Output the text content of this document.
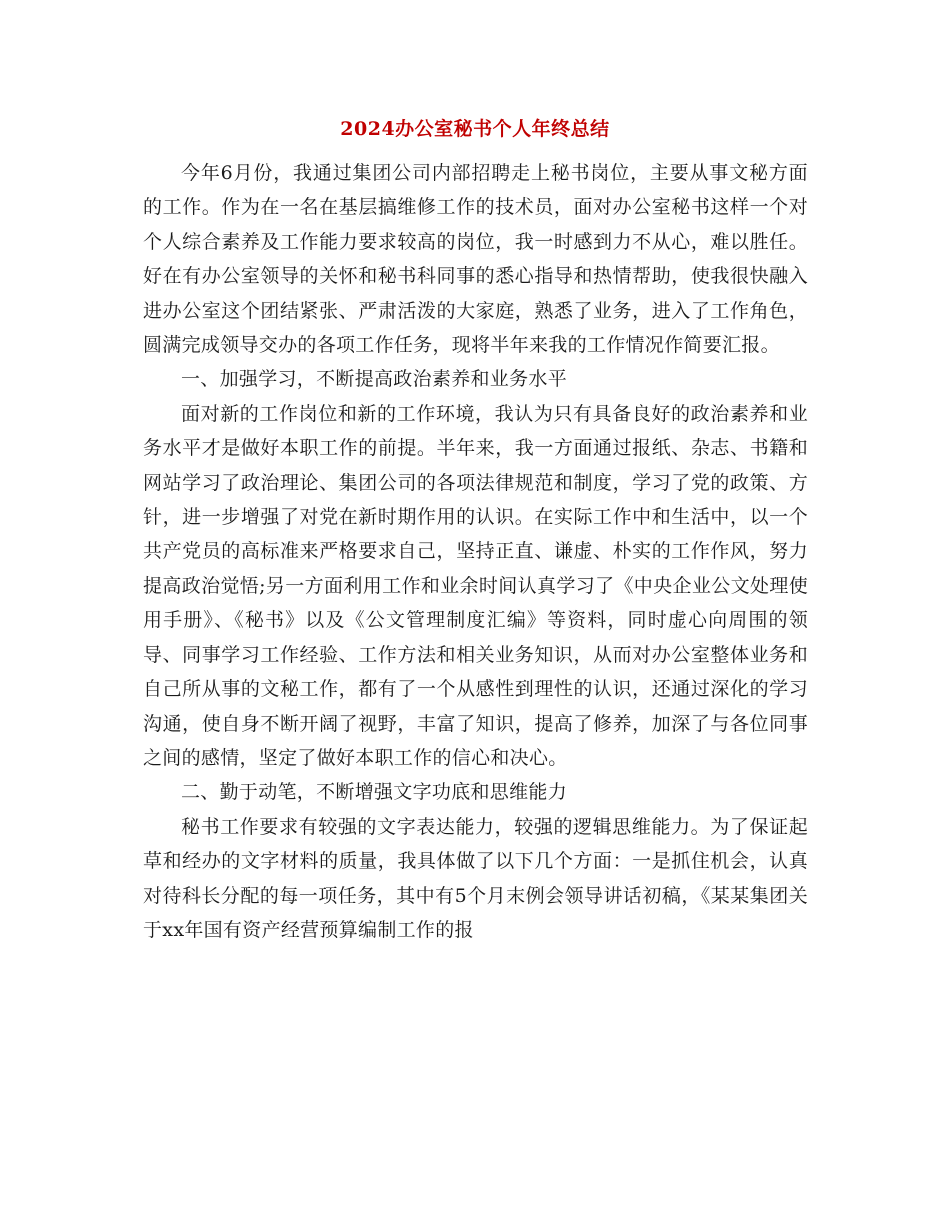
2024办公室秘书个人年终总结

今年6月份，我通过集团公司内部招聘走上秘书岗位，主要从事文秘方面的工作。作为在一名在基层搞维修工作的技术员，面对办公室秘书这样一个对个人综合素养及工作能力要求较高的岗位，我一时感到力不从心，难以胜任。好在有办公室领导的关怀和秘书科同事的悉心指导和热情帮助，使我很快融入进办公室这个团结紧张、严肃活泼的大家庭，熟悉了业务，进入了工作角色，圆满完成领导交办的各项工作任务，现将半年来我的工作情况作简要汇报。

一、加强学习，不断提高政治素养和业务水平

面对新的工作岗位和新的工作环境，我认为只有具备良好的政治素养和业务水平才是做好本职工作的前提。半年来，我一方面通过报纸、杂志、书籍和网站学习了政治理论、集团公司的各项法律规范和制度，学习了党的政策、方针，进一步增强了对党在新时期作用的认识。在实际工作中和生活中，以一个共产党员的高标准来严格要求自己，坚持正直、谦虚、朴实的工作作风，努力提高政治觉悟;另一方面利用工作和业余时间认真学习了《中央企业公文处理使用手册》、《秘书》以及《公文管理制度汇编》等资料，同时虚心向周围的领导、同事学习工作经验、工作方法和相关业务知识，从而对办公室整体业务和自己所从事的文秘工作，都有了一个从感性到理性的认识，还通过深化的学习沟通，使自身不断开阔了视野，丰富了知识，提高了修养，加深了与各位同事之间的感情，坚定了做好本职工作的信心和决心。

二、勤于动笔，不断增强文字功底和思维能力

秘书工作要求有较强的文字表达能力，较强的逻辑思维能力。为了保证起草和经办的文字材料的质量，我具体做了以下几个方面：一是抓住机会，认真对待科长分配的每一项任务，其中有5个月末例会领导讲话初稿，《某某集团关于xx年国有资产经营预算编制工作的报
